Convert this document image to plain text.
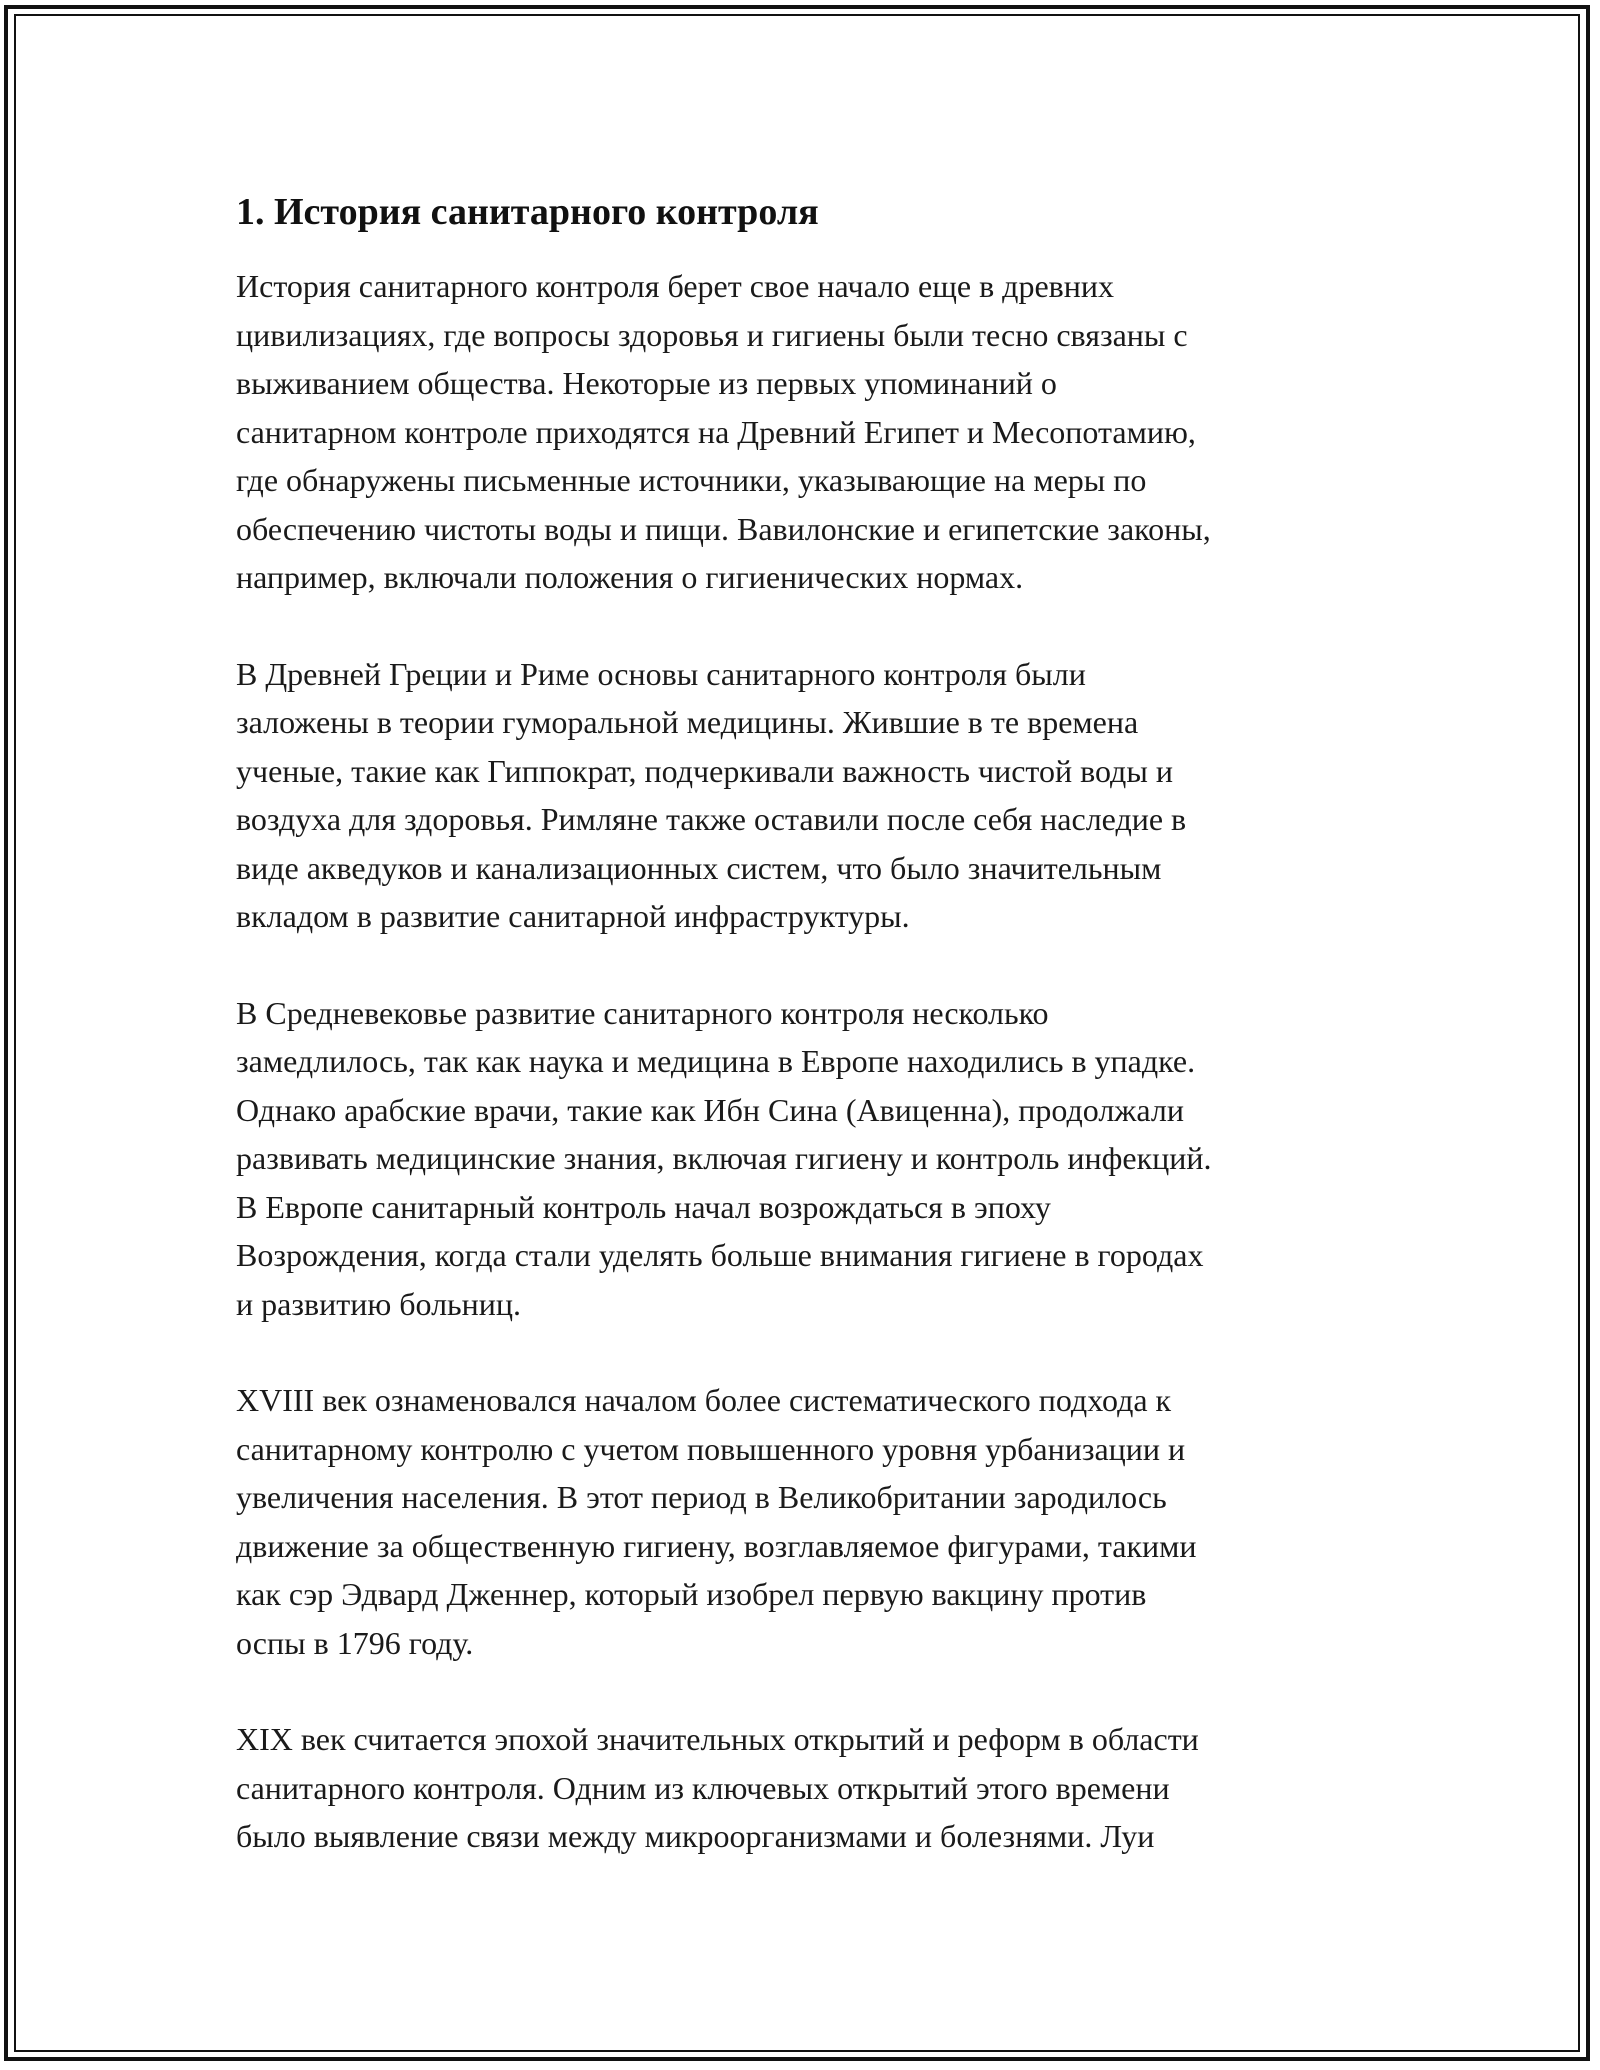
1. История санитарного контроля

История санитарного контроля берет свое начало еще в древних
цивилизациях, где вопросы здоровья и гигиены были тесно связаны с
выживанием общества. Некоторые из первых упоминаний о
санитарном контроле приходятся на Древний Египет и Месопотамию,
где обнаружены письменные источники, указывающие на меры по
обеспечению чистоты воды и пищи. Вавилонские и египетские законы,
например, включали положения о гигиенических нормах.

В Древней Греции и Риме основы санитарного контроля были
заложены в теории гуморальной медицины. Жившие в те времена
ученые, такие как Гиппократ, подчеркивали важность чистой воды и
воздуха для здоровья. Римляне также оставили после себя наследие в
виде акведуков и канализационных систем, что было значительным
вкладом в развитие санитарной инфраструктуры.

В Средневековье развитие санитарного контроля несколько
замедлилось, так как наука и медицина в Европе находились в упадке.
Однако арабские врачи, такие как Ибн Сина (Авиценна), продолжали
развивать медицинские знания, включая гигиену и контроль инфекций.
В Европе санитарный контроль начал возрождаться в эпоху
Возрождения, когда стали уделять больше внимания гигиене в городах
и развитию больниц.

XVIII век ознаменовался началом более систематического подхода к
санитарному контролю с учетом повышенного уровня урбанизации и
увеличения населения. В этот период в Великобритании зародилось
движение за общественную гигиену, возглавляемое фигурами, такими
как сэр Эдвард Дженнер, который изобрел первую вакцину против
оспы в 1796 году.

XIX век считается эпохой значительных открытий и реформ в области
санитарного контроля. Одним из ключевых открытий этого времени
было выявление связи между микроорганизмами и болезнями. Луи
